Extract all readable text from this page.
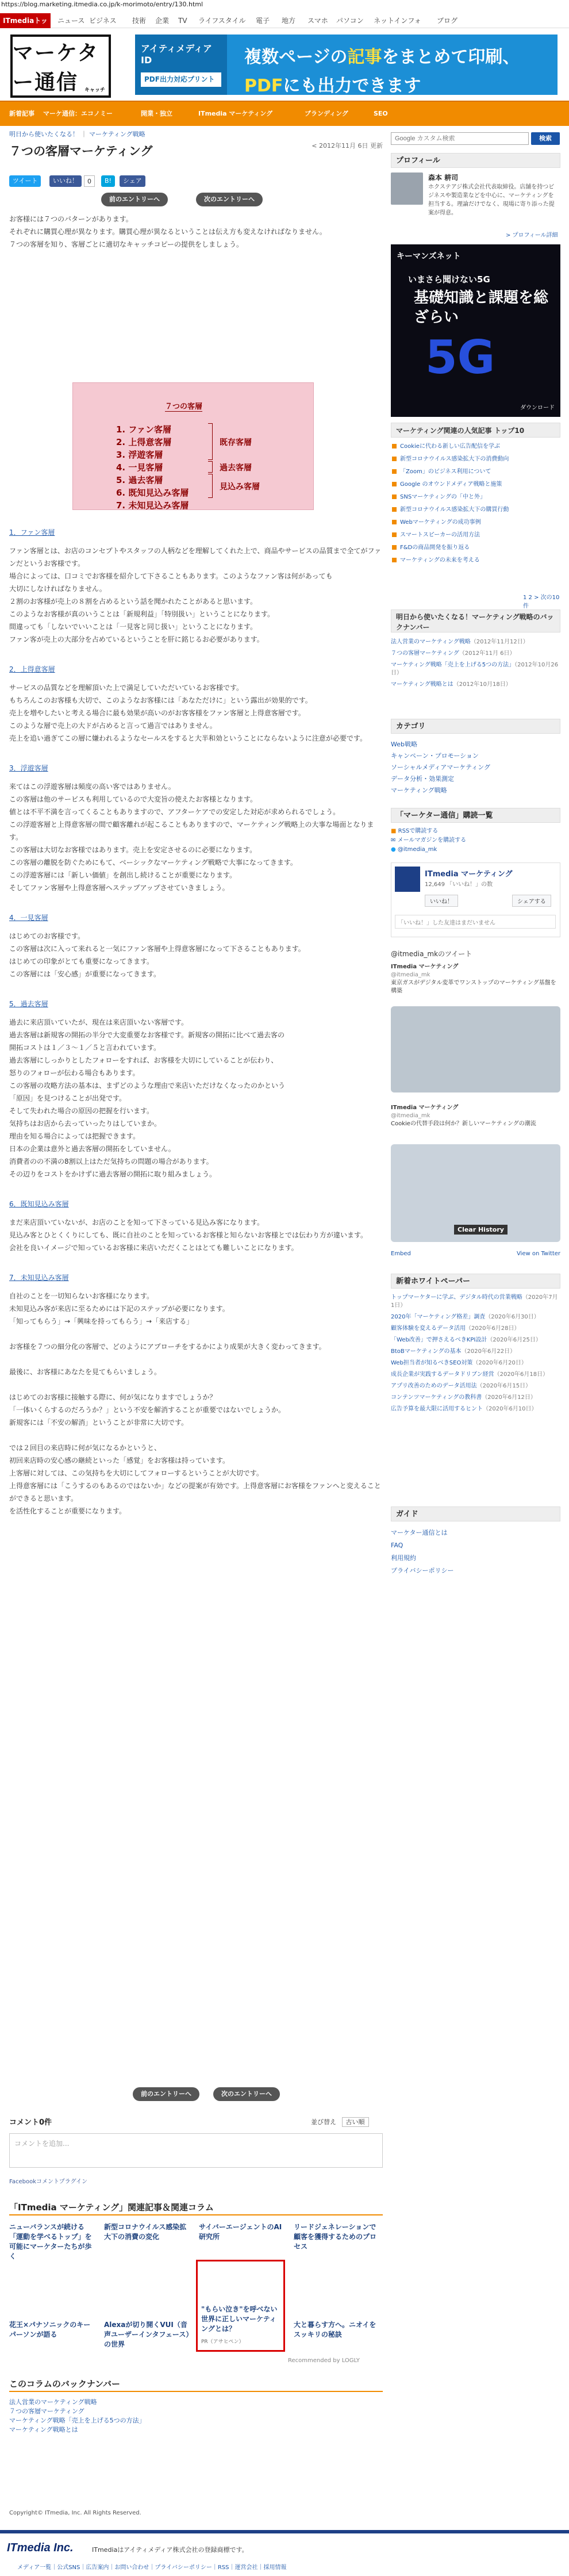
https://blog.marketing.itmedia.co.jp/k-morimoto/entry/130.html
ITmediaトッ	ニュース ビジネス 技術 企業 TV ライフスタイル 電子 地方 スマホ パソコン ネットインフォ ブログ
マーケター通信	キャッチ
アイティメディアID
PDF出力対応プリント
複数ページの記事をまとめて印刷、
PDFにも出力できます
新着記事 マーケ通信：エコノミー	開業・独立	ITmedia マーケティング	ブランディング	SEO
明日から使いたくなる！ ｜ マーケティング戦略
< 2012年11月 6日 更新
７つの客層マーケティング
ツイート	いいね！	0	B!	シェア
前のエントリーへ	次のエントリーへ

お客様には７つのパターンがあります。

それぞれに購買心理が異なります。購買心理が異なるということは伝え方も変えなければなりません。

７つの客層を知り、客層ごとに適切なキャッチコピーの提供をしましょう。

７つの客層
1. ファン客層
2. 上得意客層
3. 浮遊客層
4. 一見客層
5. 過去客層
6. 既知見込み客層
7. 未知見込み客層
既存客層
過去客層
見込み客層

1．ファン客層

ファン客層とは、お店のコンセプトやスタッフの人柄などを理解してくれた上で、商品やサービスの品質まで全てがファンだというお客様です。

場合によっては、口コミでお客様を紹介して下さることもあります。このようなファン客は何があっても

大切にしなければなりません。

２割のお客様が売上の８割を占めるという話を聞かれたことがあると思います。

このようなお客様が真のいうことは「新規利益」「特別扱い」ということになります。

間違っても「しないでいいことは「一見客と同じ扱い」ということになります。

ファン客が売上の大部分を占めているということを肝に銘じるお必要があります。

2．上得意客層

サービスの品質などを理解頂いた上で満足していただいているお客様です。

もちろんこのお客様も大切で、このようなお客様には「あなただけに」という露出が効果的です。

売上を増やしたいと考える場合に最も効果が高いのがお客客様をファン客層と上得意客層です。

このような層で売上の大ドが占めると言って過言ではありません。

売上を追い過ぎてこの層に嫌われるようなセールスをすると大半和効ということにならないように注意が必要です。

3．浮遊客層

来てはこの浮遊客層は頻度の高い客ではありません。

この客層は他のサービスも利用しているので大変旨の使えたお客様となります。

値とは不平不満を言ってくることもありますので、アフターケアでの安定した対応が求められるでしょう。

この浮遊客層と上得意客層の間で顧客離れが起こることもありますので、マーケティング戦略上の大事な場面となります。

この客層は大切なお客様ではあります。売上を安定させるのに必要になります。

この客層の離脱を防ぐためにもて、ベーシックなマーケティング戦略で大事になってきます。

この浮遊客層には「新しい価値」を創出し続けることが重要になります。

そしてファン客層や上得意客層へステップアップさせていきましょう。

4．一見客層

はじめてのお客様です。

この客層は次に入って来れると一気にファン客層や上得意客層になって下さることもあります。

はじめての印象がとても重要になってきます。

この客層には「安心感」が重要になってきます。

5．過去客層

過去に来店頂いていたが、現在は来店頂いない客層です。

過去客層は新規客の開拓の半分で大変重要なお客様です。新規客の開拓に比べて過去客の

開拓コストは１／３～１／５と言われています。

過去客層にしっかりとしたフォローをすれば、お客様を大切にしていることが伝わり、

怒りのフォローが伝わる場合もあります。

この客層の攻略方法の基本は、まずどのような理由で来店いただけなくなったのかという

「原因」を見つけることが出発です。

そして失われた場合の原因の把握を行います。

気持ちはお店から去っていったりはしていまか。

理由を知る場合によっては把握できます。

日本の企業は意外と過去客層の開拓をしていません。

消費者のの不満の8割以上はただ気持ちの問題の場合があります。

その辺りをコストをかけずに過去客層の開拓に取り組みましょう。

6．既知見込み客層

まだ来店頂いていないが、お店のことを知って下さっている見込み客になります。

見込み客とひとくくりにしても、既に自社のことを知っているお客様と知らないお客様とでは伝わり方が違います。

会社を良いイメージで知っているお客様に来店いただくことはとても難しいことになります。

7．未知見込み客層

自社のことを一切知らないお客様になります。

未知見込み客が来店に至るためには下記のステップが必要になります。

「知ってもらう」→「興味を持ってもらう」→「来店する」

お客様を７つの細分化の客層で、どのようにアプローチをするかにより成果が大きく変わってきます。

最後に、お客様にあなたを見てもらいましょう。

はじめてのお客様に接触する際に、何が気になりますでしょうか？

「一体いくらするのだろうか？」という不安を解消することが重要ではないでしょうか。

新規客には「不安の解消」ということが非常に大切です。

では２回目の来店時に何が気になるかというと、

初回来店時の安心感の継続といった「感覚」をお客様は持っています。

上客層に対しては、この気持ちを大切にしてフォローするということが大切です。

上得意客層には「こうするのもあるのではないか」などの提案が有効です。上得意客層にお客様をファンへと変えることができると思います。

を活性化することが重要になります。

前のエントリーへ	次のエントリーへ
コメント0件	並び替え 古い順
コメントを追加...
Facebookコメントプラグイン
「ITmedia マーケティング」関連記事＆関連コラム
ニューバランスが続ける「運動を学べるトップ」を可能にマーケターたちが歩く
新型コロナウイルス感染拡大下の消費の変化
サイバーエージェントのAI研究所
リードジェネレーションで顧客を獲得するためのプロセス
花王×パナソニックのキーパーソンが語る
Alexaが切り開くVUI（音声ユーザーインタフェース）の世界
"もらい泣き"を呼べない世界に正しいマーケティングとは？
PR（アサヒペン）
大と暮らす方へ。ニオイをスッキリの秘訣
Recommended by LOGLY
このコラムのバックナンバー
法人営業のマーケティング戦略
７つの客層マーケティング
マーケティング戦略「売上を上げる5つの方法」
マーケティング戦略とは
Copyright© ITmedia, Inc. All Rights Reserved.
Google カスタム検索
検索
プロフィール
森本 耕司
ホクステアジ株式会社代表取締役。店舗を持つビジネスや製造業などを中心に、マーケティングを担当する。理論だけでなく、現場に寄り添った提案が得意。
> プロフィール詳細
キーマンズネット
いまさら聞けない5G
基礎知識と課題を総ざらい
5G
ダウンロード
マーケティング関連の人気記事 トップ10
Cookieに代わる新しい広告配信を学ぶ
新型コロナウイルス感染拡大下の消費動向
「Zoom」のビジネス利用について
Google のオウンドメディア戦略と施策
SNSマーケティングの「中と外」
新型コロナウイルス感染拡大下の購買行動
Webマーケティングの成功事例
スマートスピーカーの活用方法
F&Dの商品開発を振り返る
マーケティングの未来を考える
1 2 > 次の10件
明日から使いたくなる！マーケティング戦略のバックナンバー
法人営業のマーケティング戦略（2012年11月12日）
７つの客層マーケティング（2012年11月 6日）
マーケティング戦略「売上を上げる5つの方法」（2012年10月26日）
マーケティング戦略とは（2012年10月18日）
カテゴリ
Web戦略
キャンペーン・プロモーション
ソーシャルメディアマーケティング
データ分析・効果測定
マーケティング戦略
「マーケター通信」購読一覧
■ RSSで購読する
✉ メールマガジンを購読する
● @itmedia_mk
ITmedia マーケティング
12,649 「いいね！」の数
いいね！	シェアする
「いいね！」した友達はまだいません
@itmedia_mkのツイート
ITmedia マーケティング
@itmedia_mk
東京ガスがデジタル変革でワンストップのマーケティング基盤を構築
ITmedia マーケティング
@itmedia_mk
Cookieの代替手段は何か？新しいマーケティングの潮流
Clear History
Embed	View on Twitter
新着ホワイトペーパー
トップマーケターに学ぶ、デジタル時代の営業戦略（2020年7月1日）
2020年「マーケティング格差」調査（2020年6月30日）
顧客体験を変えるデータ活用（2020年6月28日）
「Web改善」で押さえるべきKPI設計（2020年6月25日）
BtoBマーケティングの基本（2020年6月22日）
Web担当者が知るべきSEO対策（2020年6月20日）
成長企業が実践するデータドリブン経営（2020年6月18日）
アプリ改善のためのデータ活用法（2020年6月15日）
コンテンツマーケティングの教科書（2020年6月12日）
広告予算を最大限に活用するヒント（2020年6月10日）
ガイド
マーケター通信とは
FAQ
利用規約
プライバシーポリシー
ITmedia Inc.	ITmediaはアイティメディア株式会社の登録商標です。
メディア一覧｜公式SNS｜広告案内｜お問い合わせ｜プライバシーポリシー｜RSS｜運営会社｜採用情報
